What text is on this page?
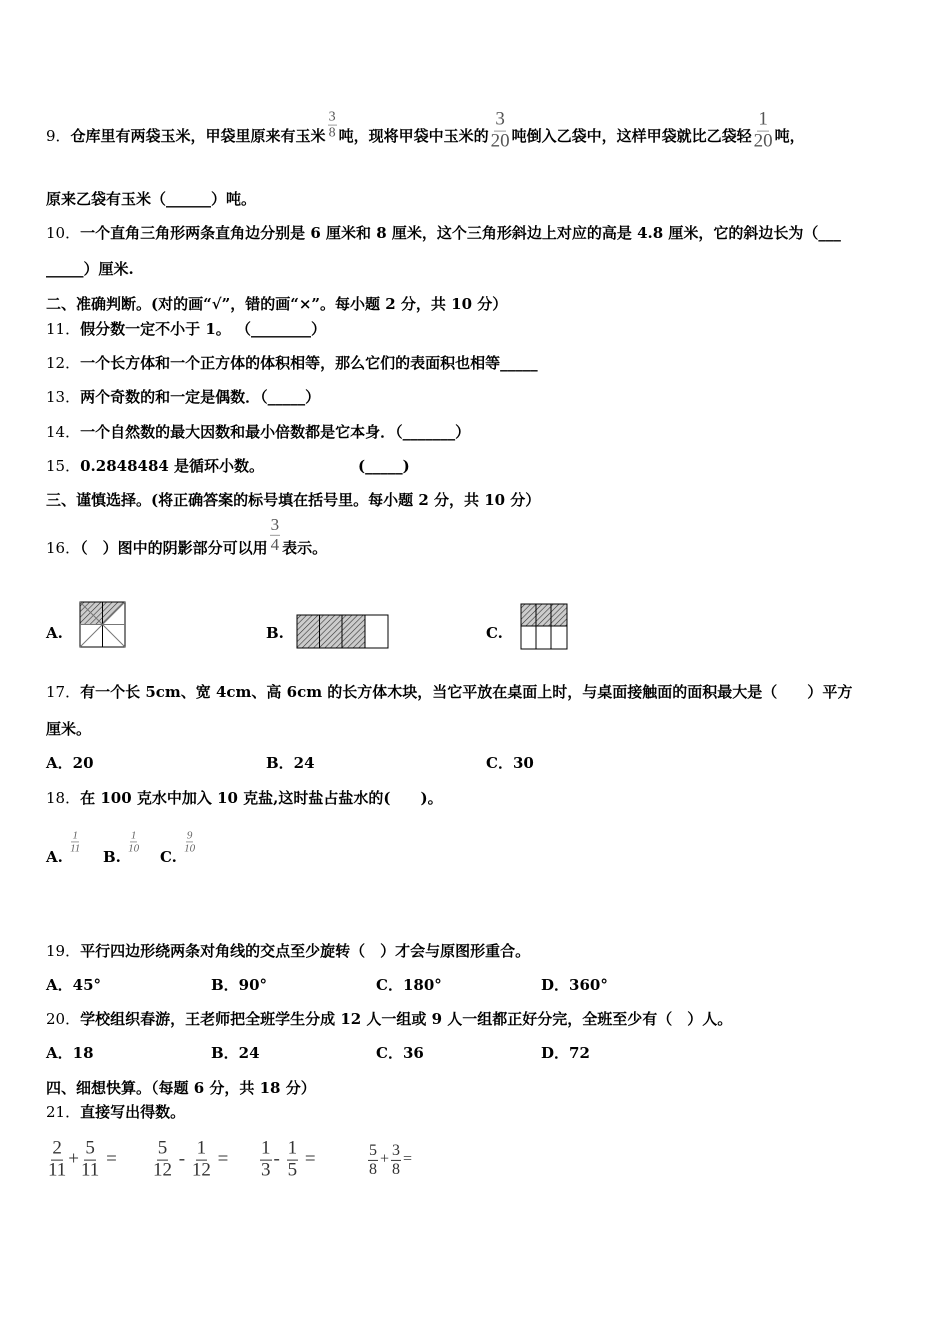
9．仓库里有两袋玉米，甲袋里原来有玉米 $\frac{3}{8}$ 吨，现将甲袋中玉米的 $\frac{3}{20}$ 吨倒入乙袋中，这样甲袋就比乙袋轻 $\frac{1}{20}$ 吨，
原来乙袋有玉米（______）吨。
10．一个直角三角形两条直角边分别是 6 厘米和 8 厘米，这个三角形斜边上对应的高是 4.8 厘米，它的斜边长为（___
_____）厘米.
二、准确判断。(对的画“√”，错的画“×”。每小题 2 分，共 10 分）
11．假分数一定不小于 1。 （________）
12．一个长方体和一个正方体的体积相等，那么它们的表面积也相等_____
13．两个奇数的和一定是偶数．（_____）
14．一个自然数的最大因数和最小倍数都是它本身．（_______）
15．0.2848484 是循环小数。	(_____)
三、谨慎选择。(将正确答案的标号填在括号里。每小题 2 分，共 10 分）
16．（　）图中的阴影部分可以用 $\frac{3}{4}$ 表示。
A.	B.	C.
17．有一个长 5cm、宽 4cm、高 6cm 的长方体木块，当它平放在桌面上时，与桌面接触面的面积最大是（　　）平方
厘米。
A．20	B．24	C．30
18．在 100 克水中加入 10 克盐,这时盐占盐水的(　　)。
A.
$\frac{1}{11}$
B.
$\frac{1}{10}$
C.
$\frac{9}{10}$
19．平行四边形绕两条对角线的交点至少旋转（　）才会与原图形重合。
A．45°	B．90°	C．180°	D．360°
20．学校组织春游，王老师把全班学生分成 12 人一组或 9 人一组都正好分完，全班至少有（　）人。
A．18	B．24	C．36	D．72
四、细想快算。（每题 6 分，共 18 分）
21．直接写出得数。
$\frac{2}{11} + \frac{5}{11} = \frac{5}{12} - \frac{1}{12} = \frac{1}{3} - \frac{1}{5}$ =	$\frac{5}{8} + \frac{3}{8}$ =
